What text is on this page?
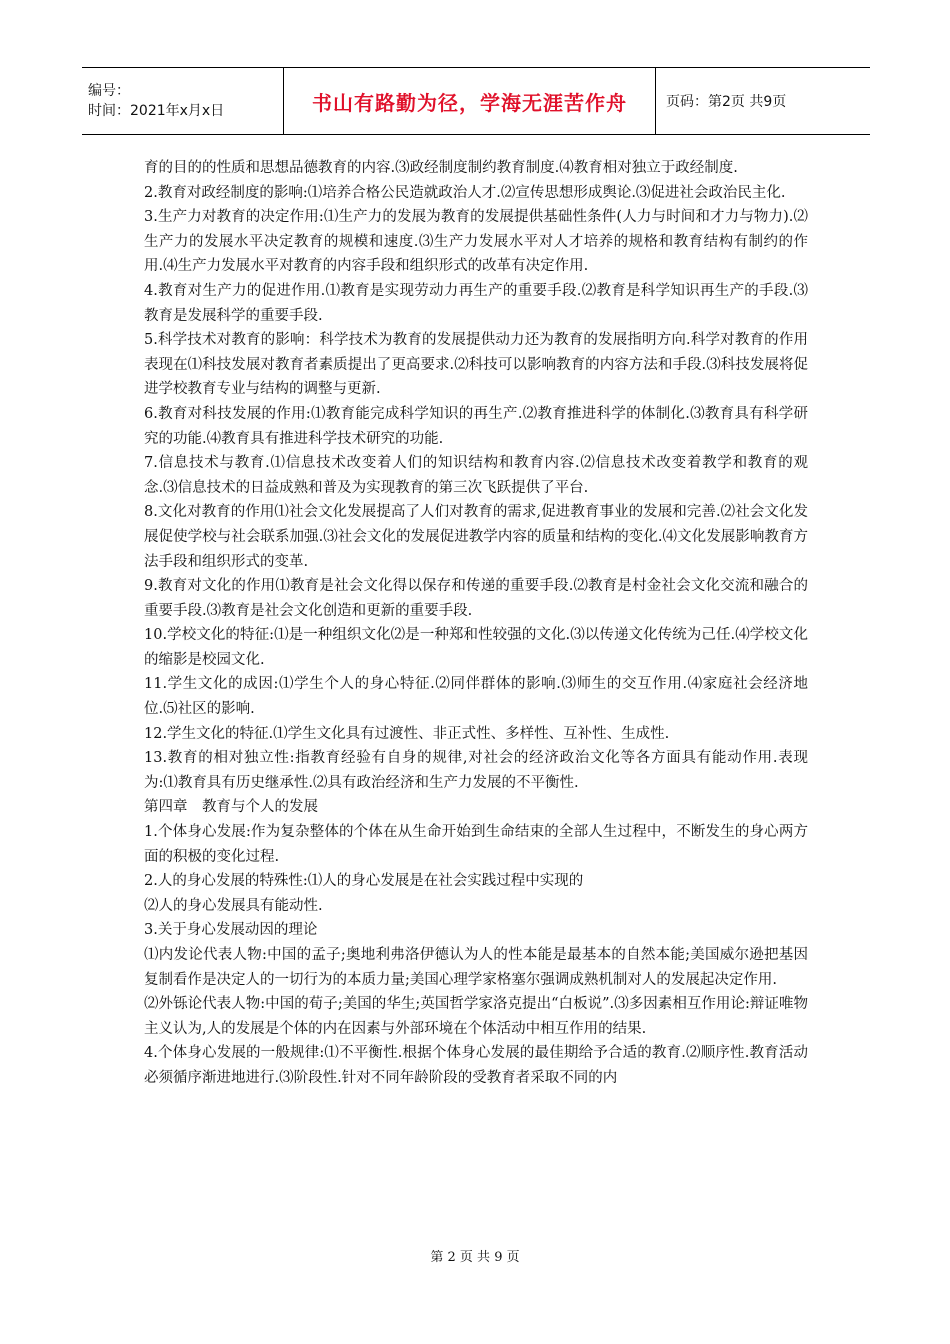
编号：
时间：2021年x月x日	书山有路勤为径，学海无涯苦作舟	页码：第2页 共9页

育的目的的性质和思想品德教育的内容.⑶政经制度制约教育制度.⑷教育相对独立于政经制度.

2.教育对政经制度的影响:⑴培养合格公民造就政治人才.⑵宣传思想形成舆论.⑶促进社会政治民主化.

3.生产力对教育的决定作用:⑴生产力的发展为教育的发展提供基础性条件(人力与时间和才力与物力).⑵生产力的发展水平决定教育的规模和速度.⑶生产力发展水平对人才培养的规格和教育结构有制约的作用.⑷生产力发展水平对教育的内容手段和组织形式的改革有决定作用.

4.教育对生产力的促进作用.⑴教育是实现劳动力再生产的重要手段.⑵教育是科学知识再生产的手段.⑶教育是发展科学的重要手段.

5.科学技术对教育的影响：科学技术为教育的发展提供动力还为教育的发展指明方向.科学对教育的作用表现在⑴科技发展对教育者素质提出了更高要求.⑵科技可以影响教育的内容方法和手段.⑶科技发展将促进学校教育专业与结构的调整与更新.

6.教育对科技发展的作用:⑴教育能完成科学知识的再生产.⑵教育推进科学的体制化.⑶教育具有科学研究的功能.⑷教育具有推进科学技术研究的功能.

7.信息技术与教育.⑴信息技术改变着人们的知识结构和教育内容.⑵信息技术改变着教学和教育的观念.⑶信息技术的日益成熟和普及为实现教育的第三次飞跃提供了平台.

8.文化对教育的作用⑴社会文化发展提高了人们对教育的需求,促进教育事业的发展和完善.⑵社会文化发展促使学校与社会联系加强.⑶社会文化的发展促进教学内容的质量和结构的变化.⑷文化发展影响教育方法手段和组织形式的变革.

9.教育对文化的作用⑴教育是社会文化得以保存和传递的重要手段.⑵教育是村金社会文化交流和融合的重要手段.⑶教育是社会文化创造和更新的重要手段.

10.学校文化的特征:⑴是一种组织文化⑵是一种郑和性较强的文化.⑶以传递文化传统为己任.⑷学校文化的缩影是校园文化.

11.学生文化的成因:⑴学生个人的身心特征.⑵同伴群体的影响.⑶师生的交互作用.⑷家庭社会经济地位.⑸社区的影响.

12.学生文化的特征.⑴学生文化具有过渡性、非正式性、多样性、互补性、生成性.

13.教育的相对独立性:指教育经验有自身的规律,对社会的经济政治文化等各方面具有能动作用.表现为:⑴教育具有历史继承性.⑵具有政治经济和生产力发展的不平衡性.

第四章　教育与个人的发展

1.个体身心发展:作为复杂整体的个体在从生命开始到生命结束的全部人生过程中，不断发生的身心两方面的积极的变化过程.

2.人的身心发展的特殊性:⑴人的身心发展是在社会实践过程中实现的

⑵人的身心发展具有能动性.

3.关于身心发展动因的理论

⑴内发论代表人物:中国的孟子;奥地利弗洛伊德认为人的性本能是最基本的自然本能;美国威尔逊把基因复制看作是决定人的一切行为的本质力量;美国心理学家格塞尔强调成熟机制对人的发展起决定作用.

⑵外铄论代表人物:中国的荀子;美国的华生;英国哲学家洛克提出“白板说”.⑶多因素相互作用论:辩证唯物主义认为,人的发展是个体的内在因素与外部环境在个体活动中相互作用的结果.

4.个体身心发展的一般规律:⑴不平衡性.根据个体身心发展的最佳期给予合适的教育.⑵顺序性.教育活动必须循序渐进地进行.⑶阶段性.针对不同年龄阶段的受教育者采取不同的内

第 2 页 共 9 页
